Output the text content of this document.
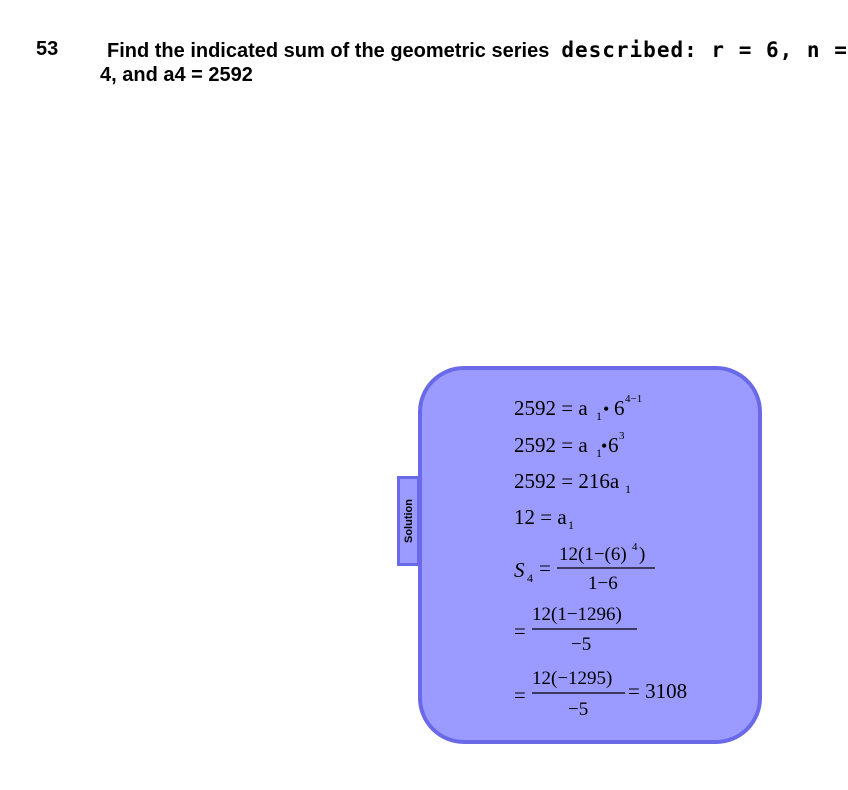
53 Find the indicated sum of the geometric series described: r = 6, n =
4, and a4 = 2592
Solution
2592 = a 1 • 6 4−1
2592 = a 1 • 6 3
2592 = 216a 1
12 = a 1
S 4 =
12(1−(6) 4 )
1−6
=
12(1−1296)
−5
=
12(−1295)
−5
= 3108
